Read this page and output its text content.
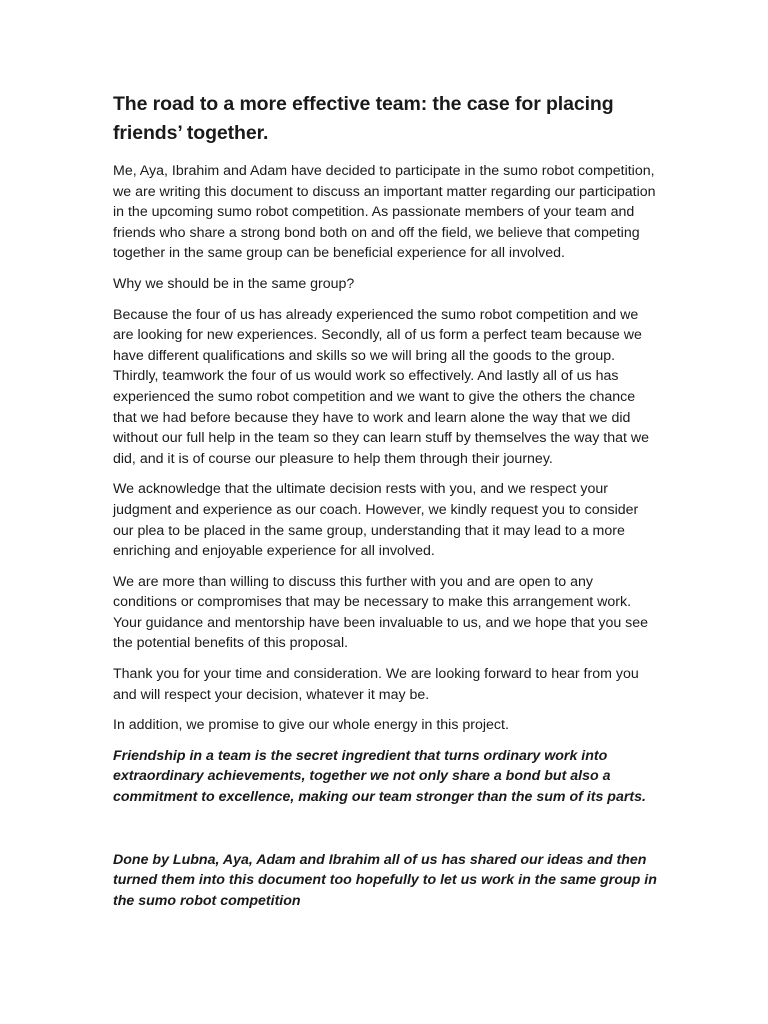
The road to a more effective team: the case for placing friends’ together.

Me, Aya, Ibrahim and Adam have decided to participate in the sumo robot competition, we are writing this document to discuss an important matter regarding our participation in the upcoming sumo robot competition. As passionate members of your team and friends who share a strong bond both on and off the field, we believe that competing together in the same group can be beneficial experience for all involved.

Why we should be in the same group?

Because the four of us has already experienced the sumo robot competition and we are looking for new experiences. Secondly, all of us form a perfect team because we have different qualifications and skills so we will bring all the goods to the group. Thirdly, teamwork the four of us would work so effectively. And lastly all of us has experienced the sumo robot competition and we want to give the others the chance that we had before because they have to work and learn alone the way that we did without our full help in the team so they can learn stuff by themselves the way that we did, and it is of course our pleasure to help them through their journey.

We acknowledge that the ultimate decision rests with you, and we respect your judgment and experience as our coach. However, we kindly request you to consider our plea to be placed in the same group, understanding that it may lead to a more enriching and enjoyable experience for all involved.

We are more than willing to discuss this further with you and are open to any conditions or compromises that may be necessary to make this arrangement work. Your guidance and mentorship have been invaluable to us, and we hope that you see the potential benefits of this proposal.

Thank you for your time and consideration. We are looking forward to hear from you and will respect your decision, whatever it may be.

In addition, we promise to give our whole energy in this project.

Friendship in a team is the secret ingredient that turns ordinary work into extraordinary achievements, together we not only share a bond but also a commitment to excellence, making our team stronger than the sum of its parts.

Done by Lubna, Aya, Adam and Ibrahim all of us has shared our ideas and then turned them into this document too hopefully to let us work in the same group in the sumo robot competition
